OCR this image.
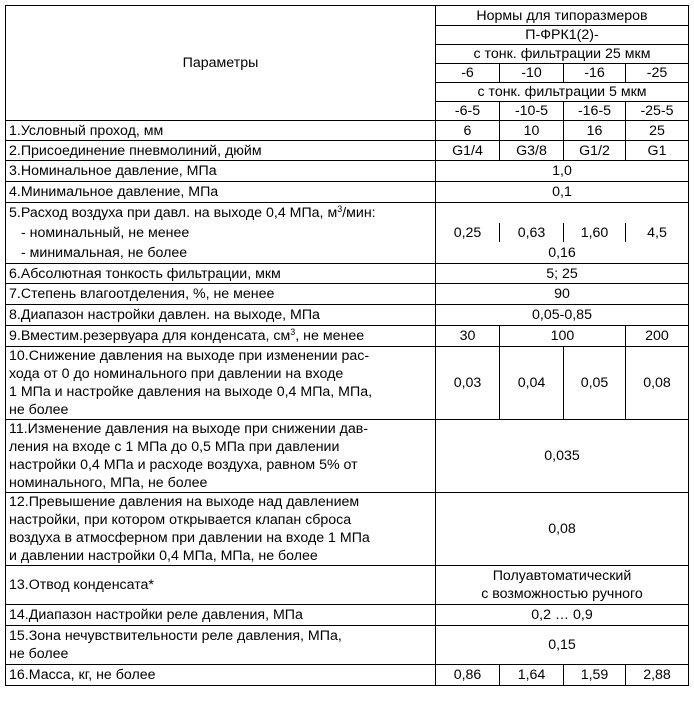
Параметры	Нормы для типоразмеров			
	П-ФРК1(2)-			
	с тонк. фильтрации 25 мкм			
	-6	-10	-16	-25
	с тонк. фильтрации 5 мкм			
	-6-5	-10-5	-16-5	-25-5
1.Условный проход, мм	6	10	16	25
2.Присоединение пневмолиний, дюйм	G1/4	G3/8	G1/2	G1
3.Номинальное давление, МПа	1,0			
4.Минимальное давление, МПа	0,1			
5.Расход воздуха при давл. на выходе 0,4 МПа, $м^3$/мин:				
- номинальный, не менее	0,25	0,63	1,60	4,5
- минимальная, не более	0,16			
6.Абсолютная тонкость фильтрации, мкм	5; 25			
7.Степень влагоотделения, %, не менее	90			
8.Диапазон настройки давлен. на выходе, МПа	0,05-0,85			
9.Вместим.резервуара для конденсата, $см^3$, не менее	30	100		200

10.Снижение давления на выходе при изменении рас-
хода от 0 до номинального при давлении на входе
1 МПа и настройке давления на выходе 0,4 МПа, МПа,
не более	0,03	0,04	0,05	0,08

11.Изменение давления на выходе при снижении дав-
ления на входе с 1 МПа до 0,5 МПа при давлении
настройки 0,4 МПа и расходе воздуха, равном 5% от
номинального, МПа, не более	0,035			

12.Превышение давления на выходе над давлением
настройки, при котором открывается клапан сброса
воздуха в атмосферном при давлении на входе 1 МПа
и давлении настройки 0,4 МПа, МПа, не более	0,08			
13.Отвод конденсата*	Полуавтоматический
с возможностью ручного			

14.Диапазон настройки реле давления, МПа	0,2 … 0,9			

15.Зона нечувствительности реле давления, МПа,
не более	0,15			
16.Масса, кг, не более	0,86	1,64	1,59	2,88
